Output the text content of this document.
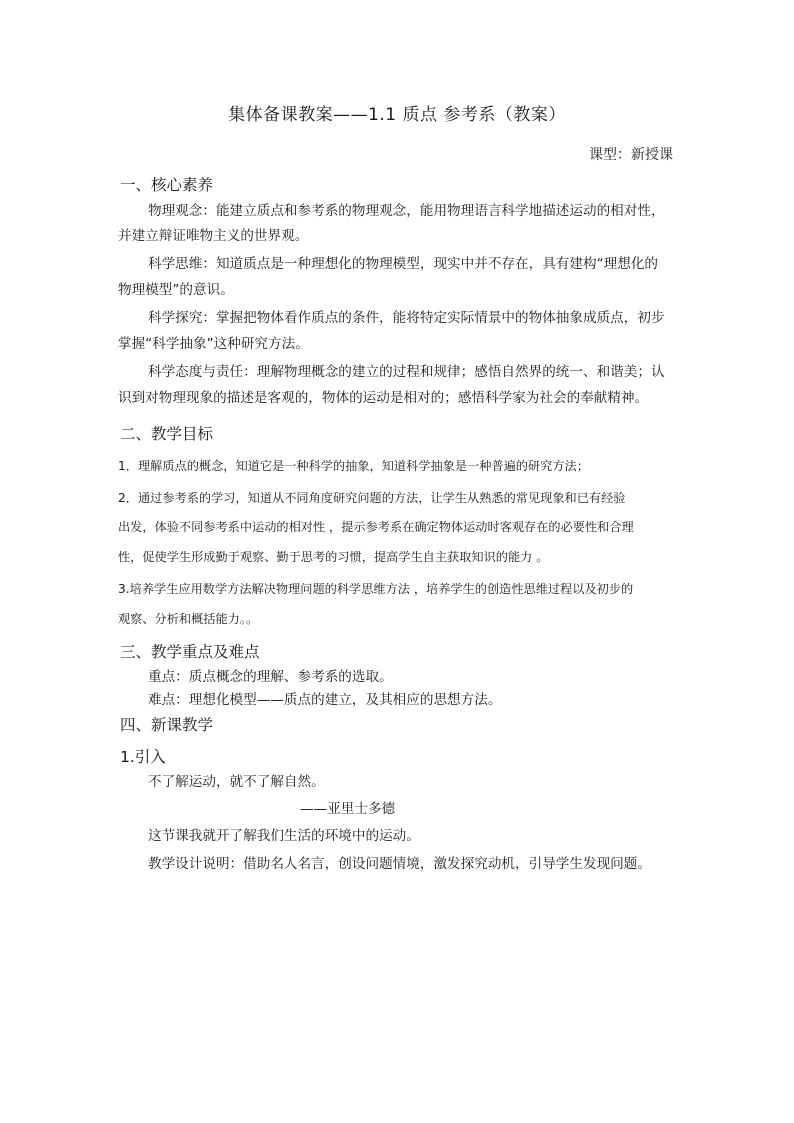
集体备课教案——1.1 质点 参考系（教案）
课型：新授课
一、核心素养
物理观念：能建立质点和参考系的物理观念，能用物理语言科学地描述运动的相对性，
并建立辩证唯物主义的世界观。
科学思维：知道质点是一种理想化的物理模型，现实中并不存在，具有建构“理想化的
物理模型”的意识。
科学探究：掌握把物体看作质点的条件，能将特定实际情景中的物体抽象成质点，初步
掌握“科学抽象”这种研究方法。
科学态度与责任：理解物理概念的建立的过程和规律；感悟自然界的统一、和谐美；认
识到对物理现象的描述是客观的，物体的运动是相对的；感悟科学家为社会的奉献精神。
二、教学目标
1．理解质点的概念，知道它是一种科学的抽象，知道科学抽象是一种普遍的研究方法；
2．通过参考系的学习，知道从不同角度研究问题的方法，让学生从熟悉的常见现象和已有经验
出发，体验不同参考系中运动的相对性 ，提示参考系在确定物体运动时客观存在的必要性和合理
性，促使学生形成勤于观察、勤于思考的习惯，提高学生自主获取知识的能力 。
3.培养学生应用数学方法解决物理问题的科学思维方法 ，培养学生的创造性思维过程以及初步的
观察、分析和概括能力。。
三、教学重点及难点
重点：质点概念的理解、参考系的选取。
难点：理想化模型——质点的建立，及其相应的思想方法。
四、新课教学
1.引入
不了解运动，就不了解自然。
——亚里士多德
这节课我就开了解我们生活的环境中的运动。
教学设计说明：借助名人名言，创设问题情境，激发探究动机，引导学生发现问题。
